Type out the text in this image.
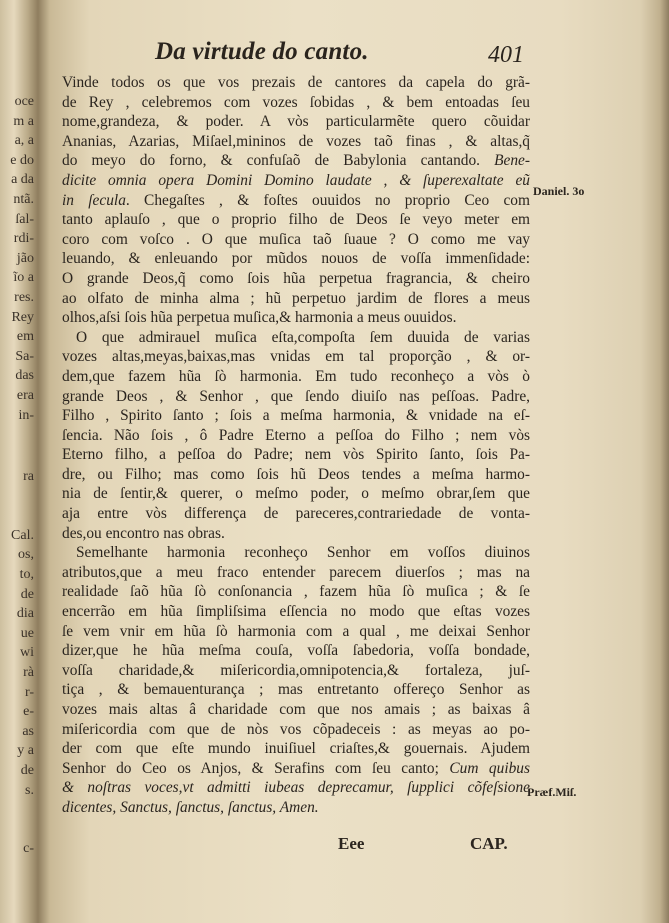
oce
m a
a, a
e do
a da
ntã.
ſal-
rdi-
jão
ĩo a
res.
Rey
em
Sa-
das
era
in-
ra
Cal.
os,
to,
de
dia
ue
wi
rà
r-
e-
as
y a
de
s.
c-
Da virtude do canto.	401
Vinde todos os que vos prezais de cantores da capela do grã-
de Rey , celebremos com vozes ſobidas , & bem entoadas ſeu
nome,grandeza, & poder. A vòs particularmẽte quero cõuidar
Ananias, Azarias, Miſael,mininos de vozes taõ finas , & altas,q̃
do meyo do forno, & confuſaõ de Babylonia cantando. Bene-
dicite omnia opera Domini Domino laudate , & ſuperexaltate eũ
in ſecula. Chegaſtes , & foſtes ouuidos no proprio Ceo com
tanto aplauſo , que o proprio filho de Deos ſe veyo meter em
coro com voſco . O que muſica taõ ſuaue ? O como me vay
leuando, & enleuando por mũdos nouos de voſſa immenſidade:
O grande Deos,q̃ como ſois hũa perpetua fragrancia, & cheiro
ao olfato de minha alma ; hũ perpetuo jardim de flores a meus
olhos,aſsi ſois hũa perpetua muſica,& harmonia a meus ouuidos.
O que admirauel muſica eſta,compoſta ſem duuida de varias
vozes altas,meyas,baixas,mas vnidas em tal proporção , & or-
dem,que fazem hũa ſò harmonia. Em tudo reconheço a vòs ò
grande Deos , & Senhor , que ſendo diuiſo nas peſſoas. Padre,
Filho , Spirito ſanto ; ſois a meſma harmonia, & vnidade na eſ-
ſencia. Não ſois , ô Padre Eterno a peſſoa do Filho ; nem vòs
Eterno filho, a peſſoa do Padre; nem vòs Spirito ſanto, ſois Pa-
dre, ou Filho; mas como ſois hũ Deos tendes a meſma harmo-
nia de ſentir,& querer, o meſmo poder, o meſmo obrar,ſem que
aja entre vòs differença de pareceres,contrariedade de vonta-
des,ou encontro nas obras.
Semelhante harmonia reconheço Senhor em voſſos diuinos
atributos,que a meu fraco entender parecem diuerſos ; mas na
realidade ſaõ hũa ſò conſonancia , fazem hũa ſò muſica ; & ſe
encerrão em hũa ſimpliſsima eſſencia no modo que eſtas vozes
ſe vem vnir em hũa ſò harmonia com a qual , me deixai Senhor
dizer,que he hũa meſma couſa, voſſa ſabedoria, voſſa bondade,
voſſa charidade,& miſericordia,omnipotencia,& fortaleza, juſ-
tiça , & bemauenturança ; mas entretanto offereço Senhor as
vozes mais altas â charidade com que nos amais ; as baixas â
miſericordia com que de nòs vos cõpadeceis : as meyas ao po-
der com que eſte mundo inuiſiuel criaſtes,& gouernais. Ajudem
Senhor do Ceo os Anjos, & Serafins com ſeu canto; Cum quibus
& noſtras voces,vt admitti iubeas deprecamur, ſupplici cõfeſsione
dicentes, Sanctus, ſanctus, ſanctus, Amen.
Daniel. 3o
Præf.Miſ.
Eee	CAP.
